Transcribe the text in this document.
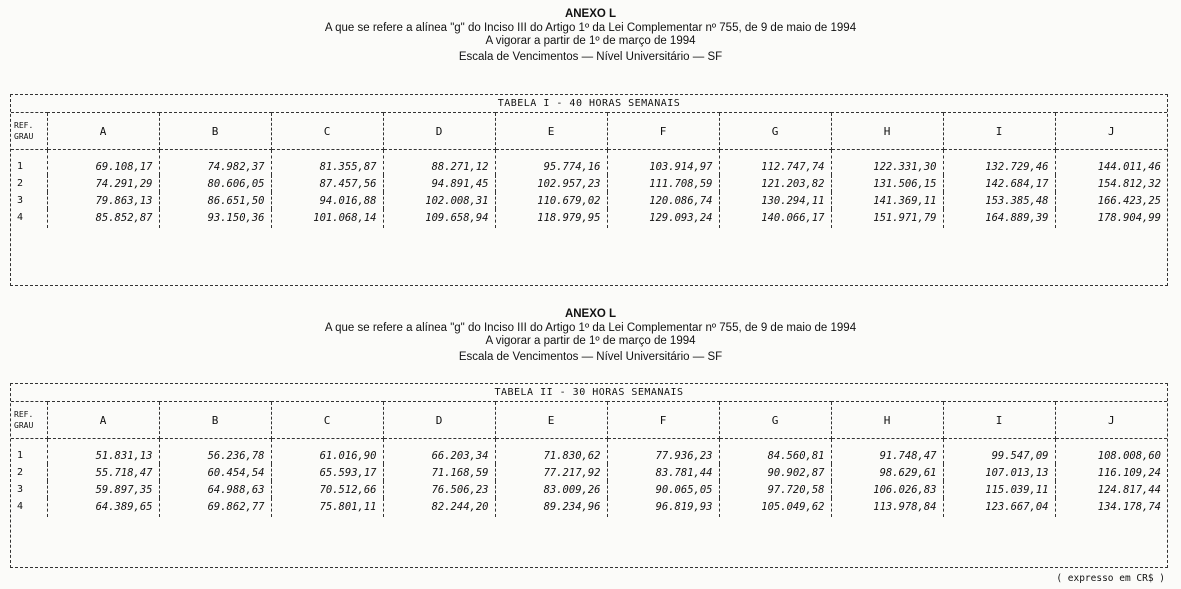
ANEXO L
A que se refere a alínea "g" do Inciso III do Artigo 1º da Lei Complementar nº 755, de 9 de maio de 1994
A vigorar a partir de 1º de março de 1994
Escala de Vencimentos — Nível Universitário — SF
TABELA I - 40 HORAS SEMANAIS
REF.
GRAU	A	B	C	D	E	F	G	H	I	J
1	69.108,17	74.982,37	81.355,87	88.271,12	95.774,16	103.914,97	112.747,74	122.331,30	132.729,46	144.011,46
2	74.291,29	80.606,05	87.457,56	94.891,45	102.957,23	111.708,59	121.203,82	131.506,15	142.684,17	154.812,32
3	79.863,13	86.651,50	94.016,88	102.008,31	110.679,02	120.086,74	130.294,11	141.369,11	153.385,48	166.423,25
4	85.852,87	93.150,36	101.068,14	109.658,94	118.979,95	129.093,24	140.066,17	151.971,79	164.889,39	178.904,99
ANEXO L
A que se refere a alínea "g" do Inciso III do Artigo 1º da Lei Complementar nº 755, de 9 de maio de 1994
A vigorar a partir de 1º de março de 1994
Escala de Vencimentos — Nível Universitário — SF
TABELA II - 30 HORAS SEMANAIS
REF.
GRAU	A	B	C	D	E	F	G	H	I	J
1	51.831,13	56.236,78	61.016,90	66.203,34	71.830,62	77.936,23	84.560,81	91.748,47	99.547,09	108.008,60
2	55.718,47	60.454,54	65.593,17	71.168,59	77.217,92	83.781,44	90.902,87	98.629,61	107.013,13	116.109,24
3	59.897,35	64.988,63	70.512,66	76.506,23	83.009,26	90.065,05	97.720,58	106.026,83	115.039,11	124.817,44
4	64.389,65	69.862,77	75.801,11	82.244,20	89.234,96	96.819,93	105.049,62	113.978,84	123.667,04	134.178,74
( expresso em CR$ )
